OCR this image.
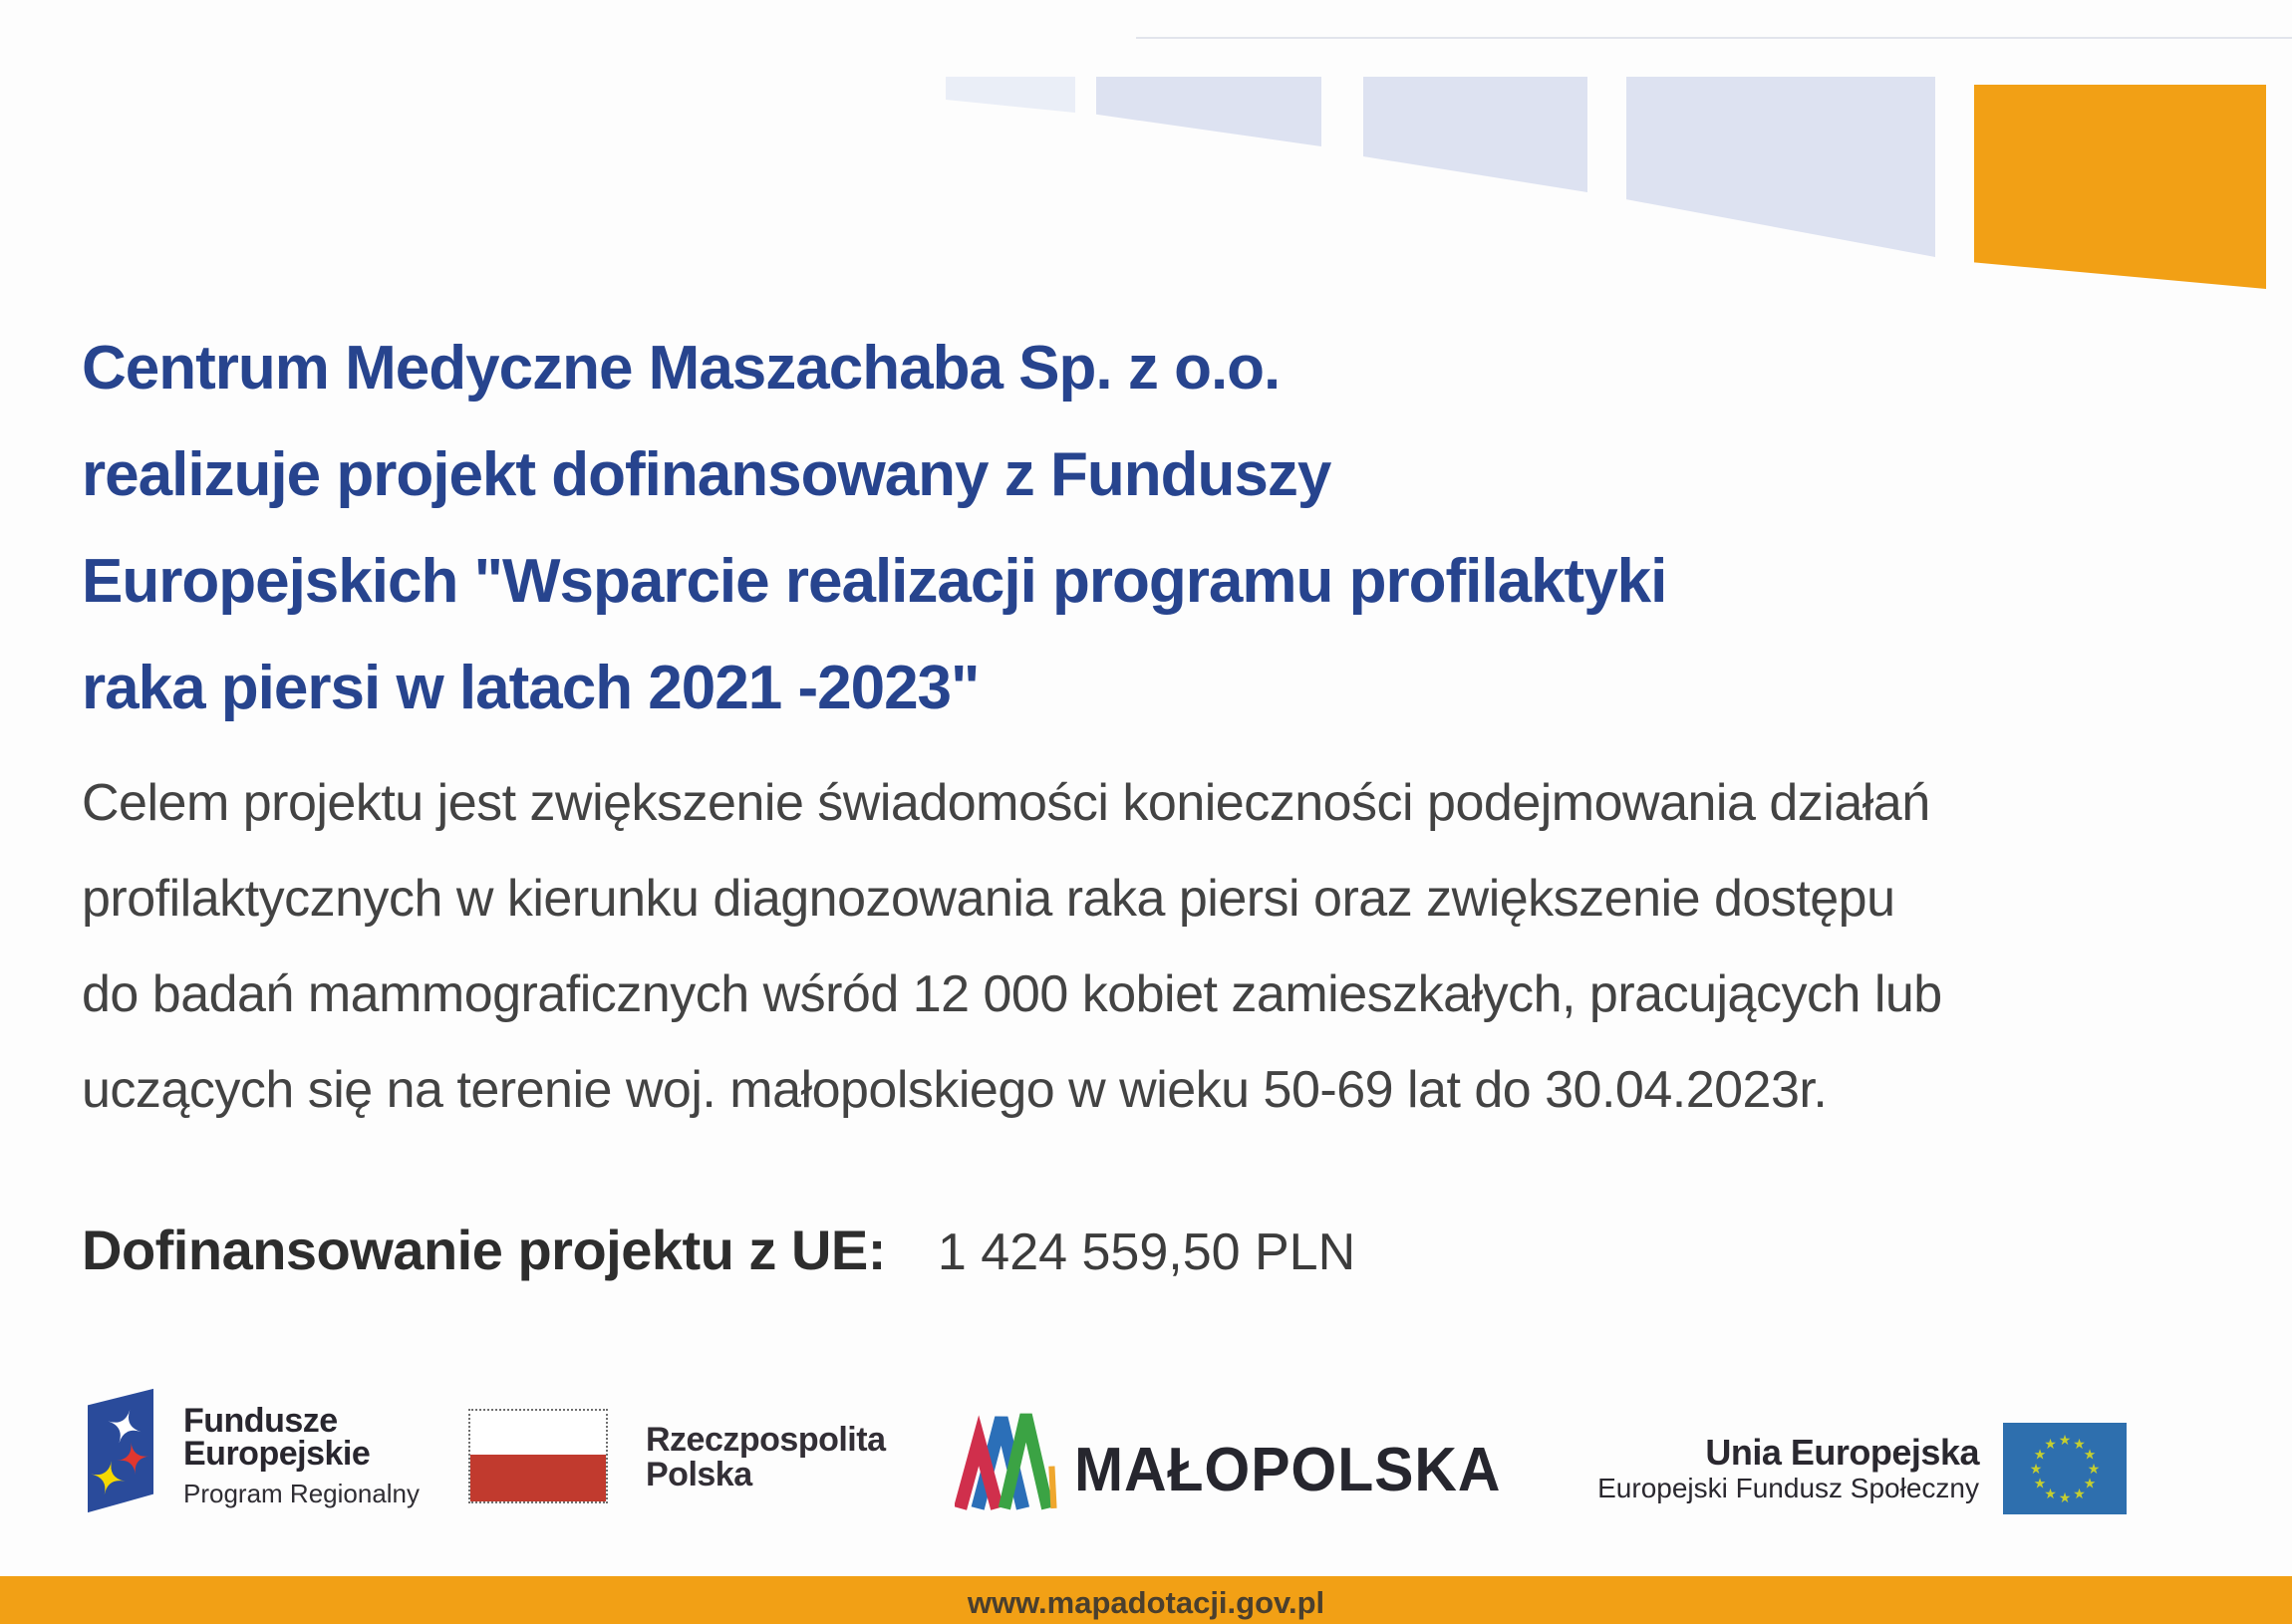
Centrum Medyczne Maszachaba Sp. z o.o.
realizuje projekt dofinansowany z Funduszy
Europejskich "Wsparcie realizacji programu profilaktyki
raka piersi w latach 2021 -2023"
Celem projektu jest zwiększenie świadomości konieczności podejmowania działań
profilaktycznych w kierunku diagnozowania raka piersi oraz zwiększenie dostępu
do badań mammograficznych wśród 12 000 kobiet zamieszkałych, pracujących lub
uczących się na terenie woj. małopolskiego w wieku 50-69 lat do 30.04.2023r.
Dofinansowanie projektu z UE: 1 424 559,50 PLN
Fundusze
Europejskie
Program Regionalny
Rzeczpospolita
Polska	MAŁOPOLSKA	Unia Europejska
Europejski Fundusz Społeczny
★ ★
★
★
★
★
★
★
★
★
★
★
www.mapadotacji.gov.pl
